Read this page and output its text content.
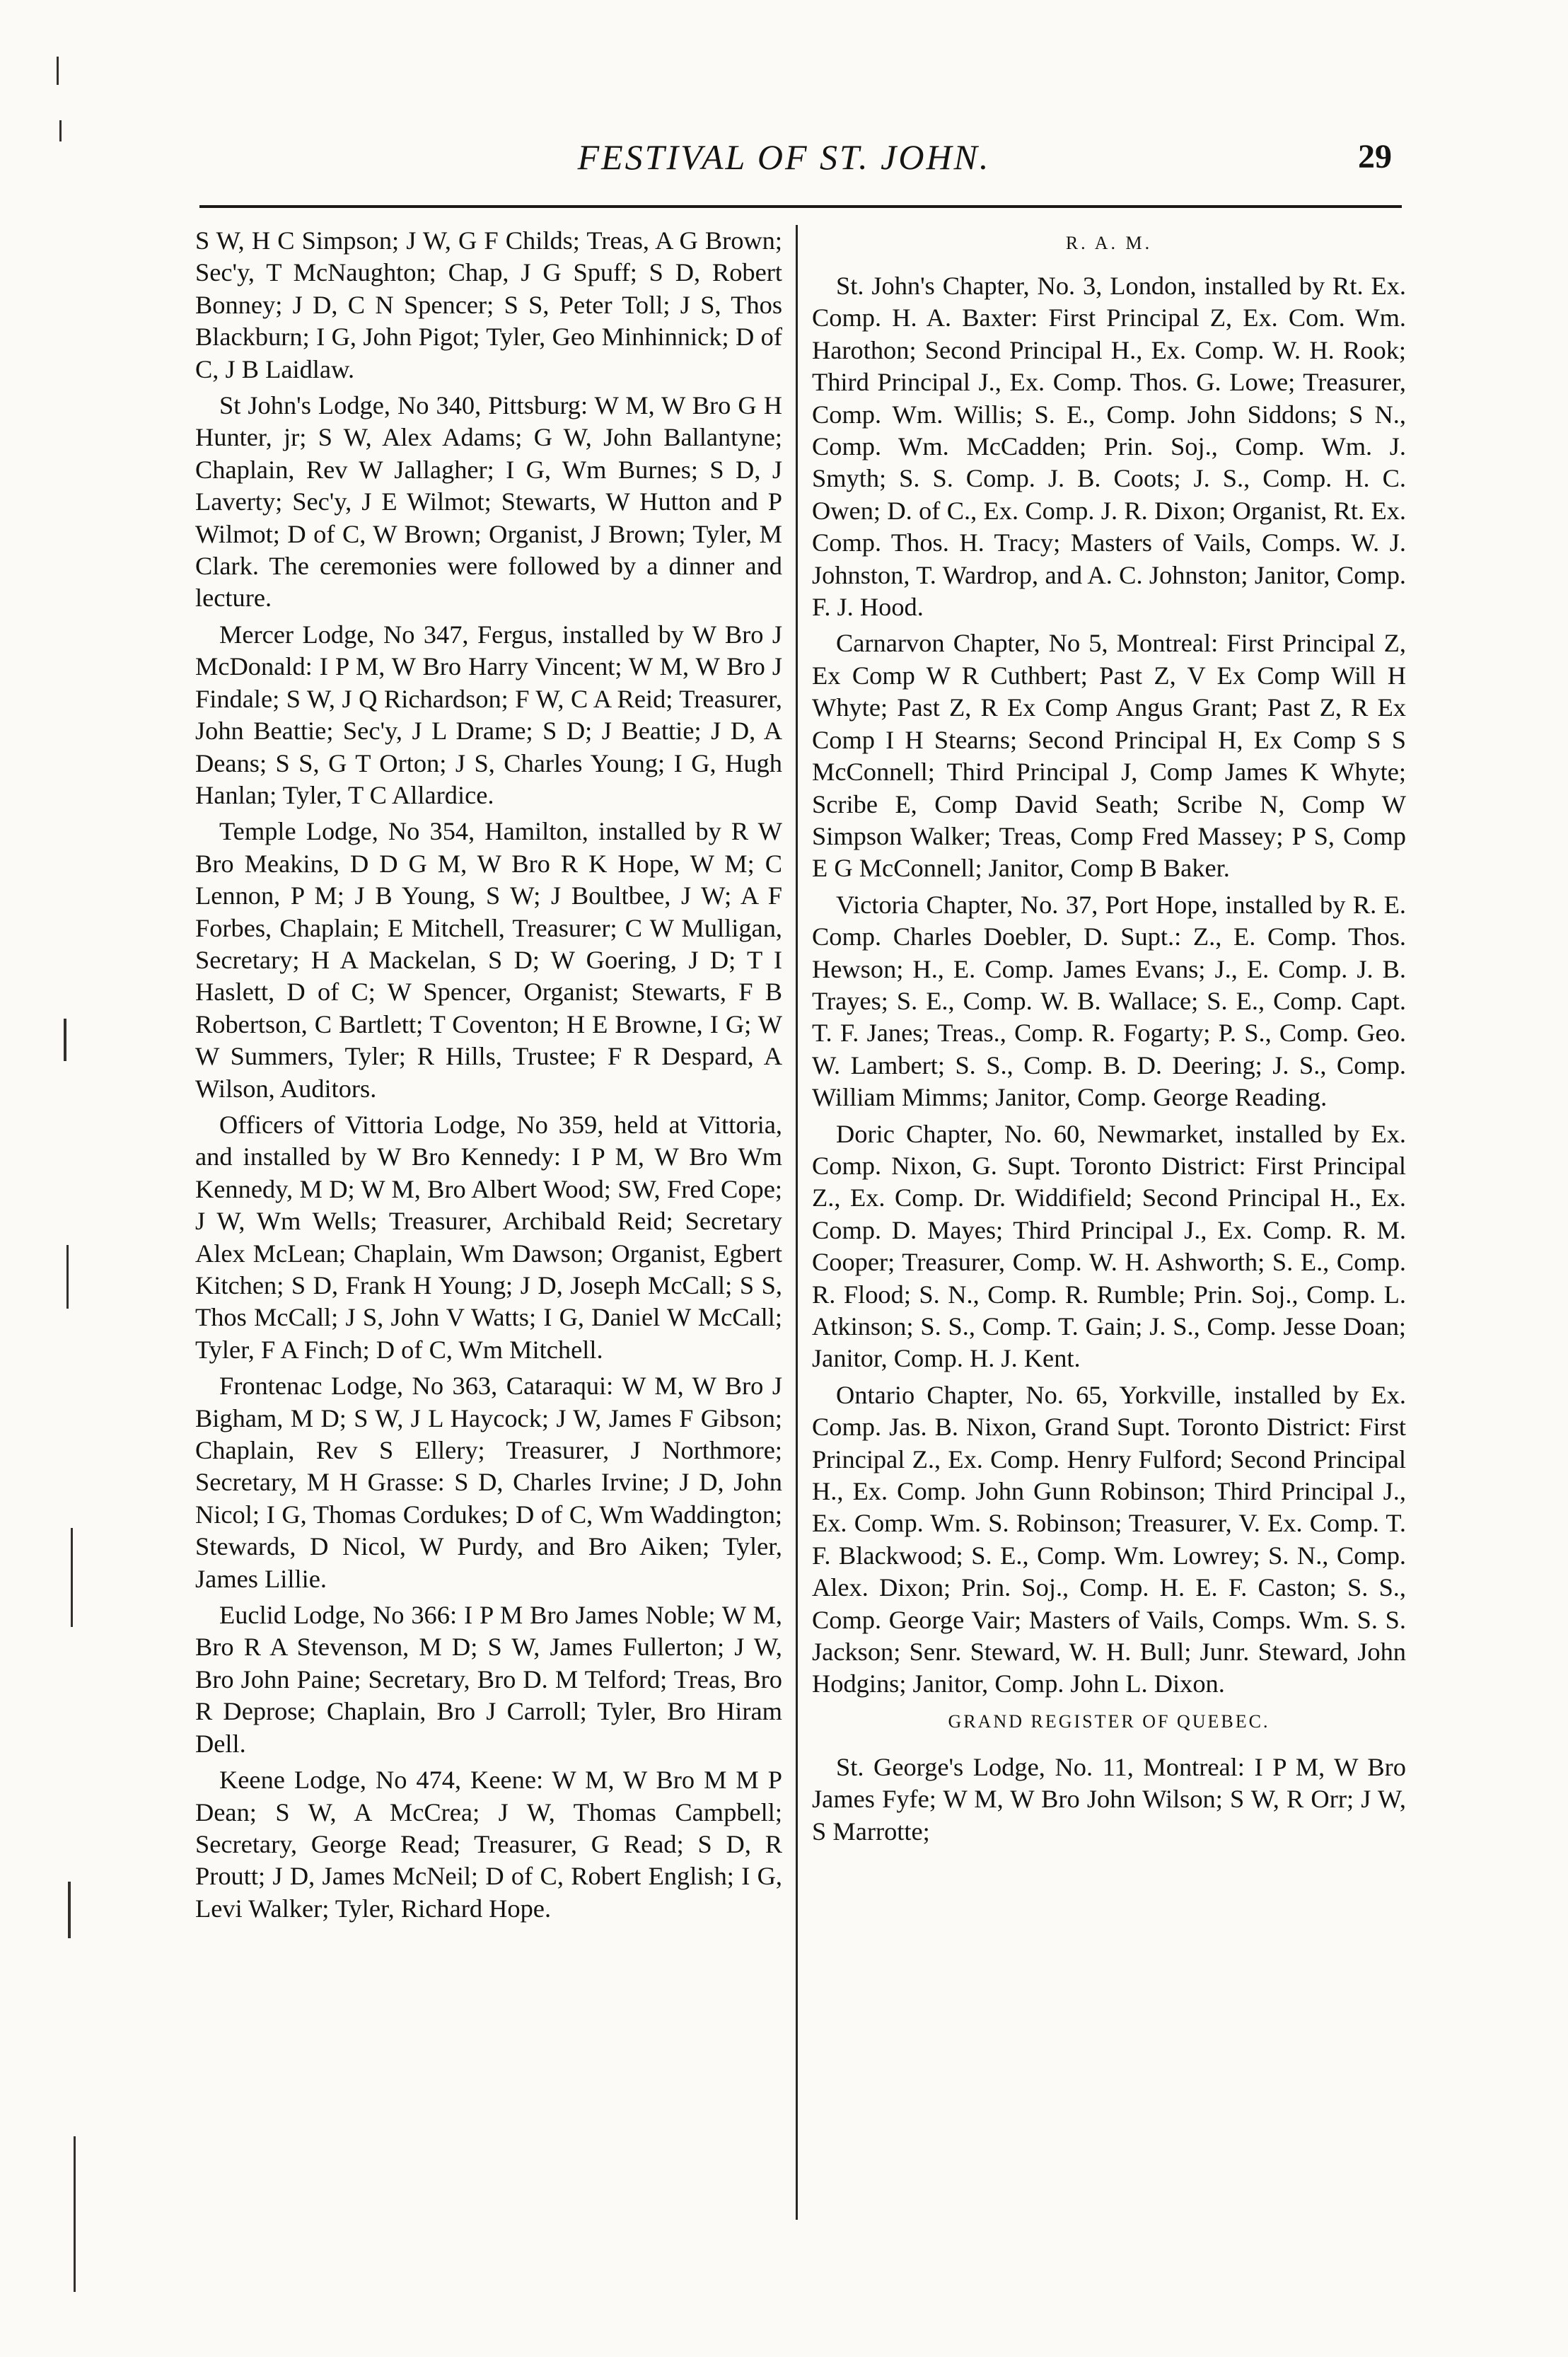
FESTIVAL OF ST. JOHN.	29

S W, H C Simpson; J W, G F Childs; Treas, A G Brown; Sec'y, T McNaughton; Chap, J G Spuff; S D, Robert Bonney; J D, C N Spencer; S S, Peter Toll; J S, Thos Blackburn; I G, John Pigot; Tyler, Geo Minhinnick; D of C, J B Laidlaw.

St John's Lodge, No 340, Pittsburg: W M, W Bro G H Hunter, jr; S W, Alex Adams; G W, John Ballantyne; Chaplain, Rev W Jallagher; I G, Wm Burnes; S D, J Laverty; Sec'y, J E Wilmot; Stewarts, W Hutton and P Wilmot; D of C, W Brown; Organist, J Brown; Tyler, M Clark. The ceremonies were followed by a dinner and lecture.

Mercer Lodge, No 347, Fergus, installed by W Bro J McDonald: I P M, W Bro Harry Vincent; W M, W Bro J Findale; S W, J Q Richardson; F W, C A Reid; Treasurer, John Beattie; Sec'y, J L Drame; S D; J Beattie; J D, A Deans; S S, G T Orton; J S, Charles Young; I G, Hugh Hanlan; Tyler, T C Allardice.

Temple Lodge, No 354, Hamilton, installed by R W Bro Meakins, D D G M, W Bro R K Hope, W M; C Lennon, P M; J B Young, S W; J Boultbee, J W; A F Forbes, Chaplain; E Mitchell, Treasurer; C W Mulligan, Secretary; H A Mackelan, S D; W Goering, J D; T I Haslett, D of C; W Spencer, Organist; Stewarts, F B Robertson, C Bartlett; T Coventon; H E Browne, I G; W W Summers, Tyler; R Hills, Trustee; F R Despard, A Wilson, Auditors.

Officers of Vittoria Lodge, No 359, held at Vittoria, and installed by W Bro Kennedy: I P M, W Bro Wm Kennedy, M D; W M, Bro Albert Wood; SW, Fred Cope; J W, Wm Wells; Treasurer, Archibald Reid; Secretary Alex McLean; Chaplain, Wm Dawson; Organist, Egbert Kitchen; S D, Frank H Young; J D, Joseph McCall; S S, Thos McCall; J S, John V Watts; I G, Daniel W McCall; Tyler, F A Finch; D of C, Wm Mitchell.

Frontenac Lodge, No 363, Cataraqui: W M, W Bro J Bigham, M D; S W, J L Haycock; J W, James F Gibson; Chaplain, Rev S Ellery; Treasurer, J Northmore; Secretary, M H Grasse: S D, Charles Irvine; J D, John Nicol; I G, Thomas Cordukes; D of C, Wm Waddington; Stewards, D Nicol, W Purdy, and Bro Aiken; Tyler, James Lillie.

Euclid Lodge, No 366: I P M Bro James Noble; W M, Bro R A Stevenson, M D; S W, James Fullerton; J W, Bro John Paine; Secretary, Bro D. M Telford; Treas, Bro R Deprose; Chaplain, Bro J Carroll; Tyler, Bro Hiram Dell.

Keene Lodge, No 474, Keene: W M, W Bro M M P Dean; S W, A McCrea; J W, Thomas Campbell; Secretary, George Read; Treasurer, G Read; S D, R Proutt; J D, James McNeil; D of C, Robert English; I G, Levi Walker; Tyler, Richard Hope.

R. A. M.

St. John's Chapter, No. 3, London, installed by Rt. Ex. Comp. H. A. Baxter: First Principal Z, Ex. Com. Wm. Harothon; Second Principal H., Ex. Comp. W. H. Rook; Third Principal J., Ex. Comp. Thos. G. Lowe; Treasurer, Comp. Wm. Willis; S. E., Comp. John Siddons; S N., Comp. Wm. McCadden; Prin. Soj., Comp. Wm. J. Smyth; S. S. Comp. J. B. Coots; J. S., Comp. H. C. Owen; D. of C., Ex. Comp. J. R. Dixon; Organist, Rt. Ex. Comp. Thos. H. Tracy; Masters of Vails, Comps. W. J. Johnston, T. Wardrop, and A. C. Johnston; Janitor, Comp. F. J. Hood.

Carnarvon Chapter, No 5, Montreal: First Principal Z, Ex Comp W R Cuthbert; Past Z, V Ex Comp Will H Whyte; Past Z, R Ex Comp Angus Grant; Past Z, R Ex Comp I H Stearns; Second Principal H, Ex Comp S S McConnell; Third Principal J, Comp James K Whyte; Scribe E, Comp David Seath; Scribe N, Comp W Simpson Walker; Treas, Comp Fred Massey; P S, Comp E G McConnell; Janitor, Comp B Baker.

Victoria Chapter, No. 37, Port Hope, installed by R. E. Comp. Charles Doebler, D. Supt.: Z., E. Comp. Thos. Hewson; H., E. Comp. James Evans; J., E. Comp. J. B. Trayes; S. E., Comp. W. B. Wallace; S. E., Comp. Capt. T. F. Janes; Treas., Comp. R. Fogarty; P. S., Comp. Geo. W. Lambert; S. S., Comp. B. D. Deering; J. S., Comp. William Mimms; Janitor, Comp. George Reading.

Doric Chapter, No. 60, Newmarket, installed by Ex. Comp. Nixon, G. Supt. Toronto District: First Principal Z., Ex. Comp. Dr. Widdifield; Second Principal H., Ex. Comp. D. Mayes; Third Principal J., Ex. Comp. R. M. Cooper; Treasurer, Comp. W. H. Ashworth; S. E., Comp. R. Flood; S. N., Comp. R. Rumble; Prin. Soj., Comp. L. Atkinson; S. S., Comp. T. Gain; J. S., Comp. Jesse Doan; Janitor, Comp. H. J. Kent.

Ontario Chapter, No. 65, Yorkville, installed by Ex. Comp. Jas. B. Nixon, Grand Supt. Toronto District: First Principal Z., Ex. Comp. Henry Fulford; Second Principal H., Ex. Comp. John Gunn Robinson; Third Principal J., Ex. Comp. Wm. S. Robinson; Treasurer, V. Ex. Comp. T. F. Blackwood; S. E., Comp. Wm. Lowrey; S. N., Comp. Alex. Dixon; Prin. Soj., Comp. H. E. F. Caston; S. S., Comp. George Vair; Masters of Vails, Comps. Wm. S. S. Jackson; Senr. Steward, W. H. Bull; Junr. Steward, John Hodgins; Janitor, Comp. John L. Dixon.

GRAND REGISTER OF QUEBEC.

St. George's Lodge, No. 11, Montreal: I P M, W Bro James Fyfe; W M, W Bro John Wilson; S W, R Orr; J W, S Marrotte;
